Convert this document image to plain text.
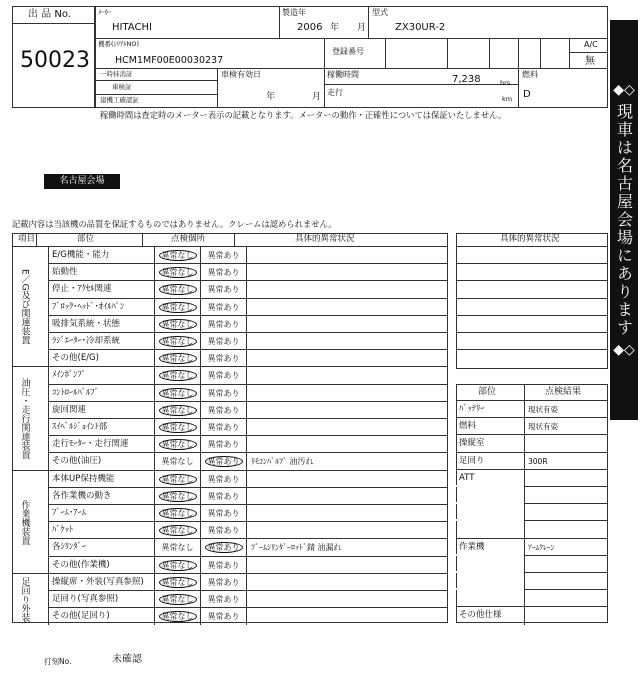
出 品 No.
50023
ﾒｰｶｰ
HITACHI
製造年
2006 年 月
型式
ZX30UR-2
機番(ｼﾘｱﾙNO)
HCM1MF00E00030237
登録番号
A/C
無
一時抹消証
車検証
建機工確認証
車検有効日
年	月
稼働時間	7,238	hrs
走行
km
燃料
D
稼働時間は査定時のメーター表示の記載となります。メーターの動作・正確性については保証いたしません。
◆◇
現車は名古屋会場にあります
◆◇
名古屋会場
記載内容は当該機の品質を保証するものではありません。クレームは認められません。
項目	部位	点検個所	具体的異常状況
E/G機能・能力	異常なし	異常あり
始動性	異常なし	異常あり
停止・ｱｸｾﾙ関連	異常なし	異常あり
ﾌﾞﾛｯｸ･ﾍｯﾄﾞ･ｵｲﾙﾊﾟﾝ	異常なし	異常あり
吸排気系統・状態	異常なし	異常あり
ﾗｼﾞｴｰﾀｰ･冷却系統	異常なし	異常あり
その他(E/G)	異常なし	異常あり
E／G及び関連装置
ﾒｲﾝﾎﾟﾝﾌﾟ	異常なし	異常あり
ｺﾝﾄﾛｰﾙﾊﾞﾙﾌﾞ	異常なし	異常あり
旋回関連	異常なし	異常あり
ｽｲﾍﾞﾙｼﾞｮｲﾝﾄ部	異常なし	異常あり
走行ﾓｰﾀｰ・走行関連	異常なし	異常あり
その他(油圧)	異常なし	異常あり	ﾘﾓｺﾝﾊﾞﾙﾌﾞ 油汚れ
油圧・走行関連装置
本体UP保持機能	異常なし	異常あり
各作業機の動き	異常なし	異常あり
ﾌﾞｰﾑ･ｱｰﾑ	異常なし	異常あり
ﾊﾞｹｯﾄ	異常なし	異常あり
各ｼﾘﾝﾀﾞｰ	異常なし	異常あり	ﾌﾞｰﾑｼﾘﾝﾀﾞｰﾛｯﾄﾞ錆 油漏れ
その他(作業機)	異常なし	異常あり
作業機装置
操縦席・外装(写真参照)	異常なし	異常あり
足回り(写真参照)	異常なし	異常あり
その他(足回り)	異常なし	異常あり
足回り外装
具体的異常状況
部位	点検結果
ﾊﾞｯﾃﾘｰ	現状有姿
燃料	現状有姿
操縦室
足回り	300R
ATT
作業機	ｱｰﾑｸﾚｰﾝ
その他仕様
打刻No.	未確認
